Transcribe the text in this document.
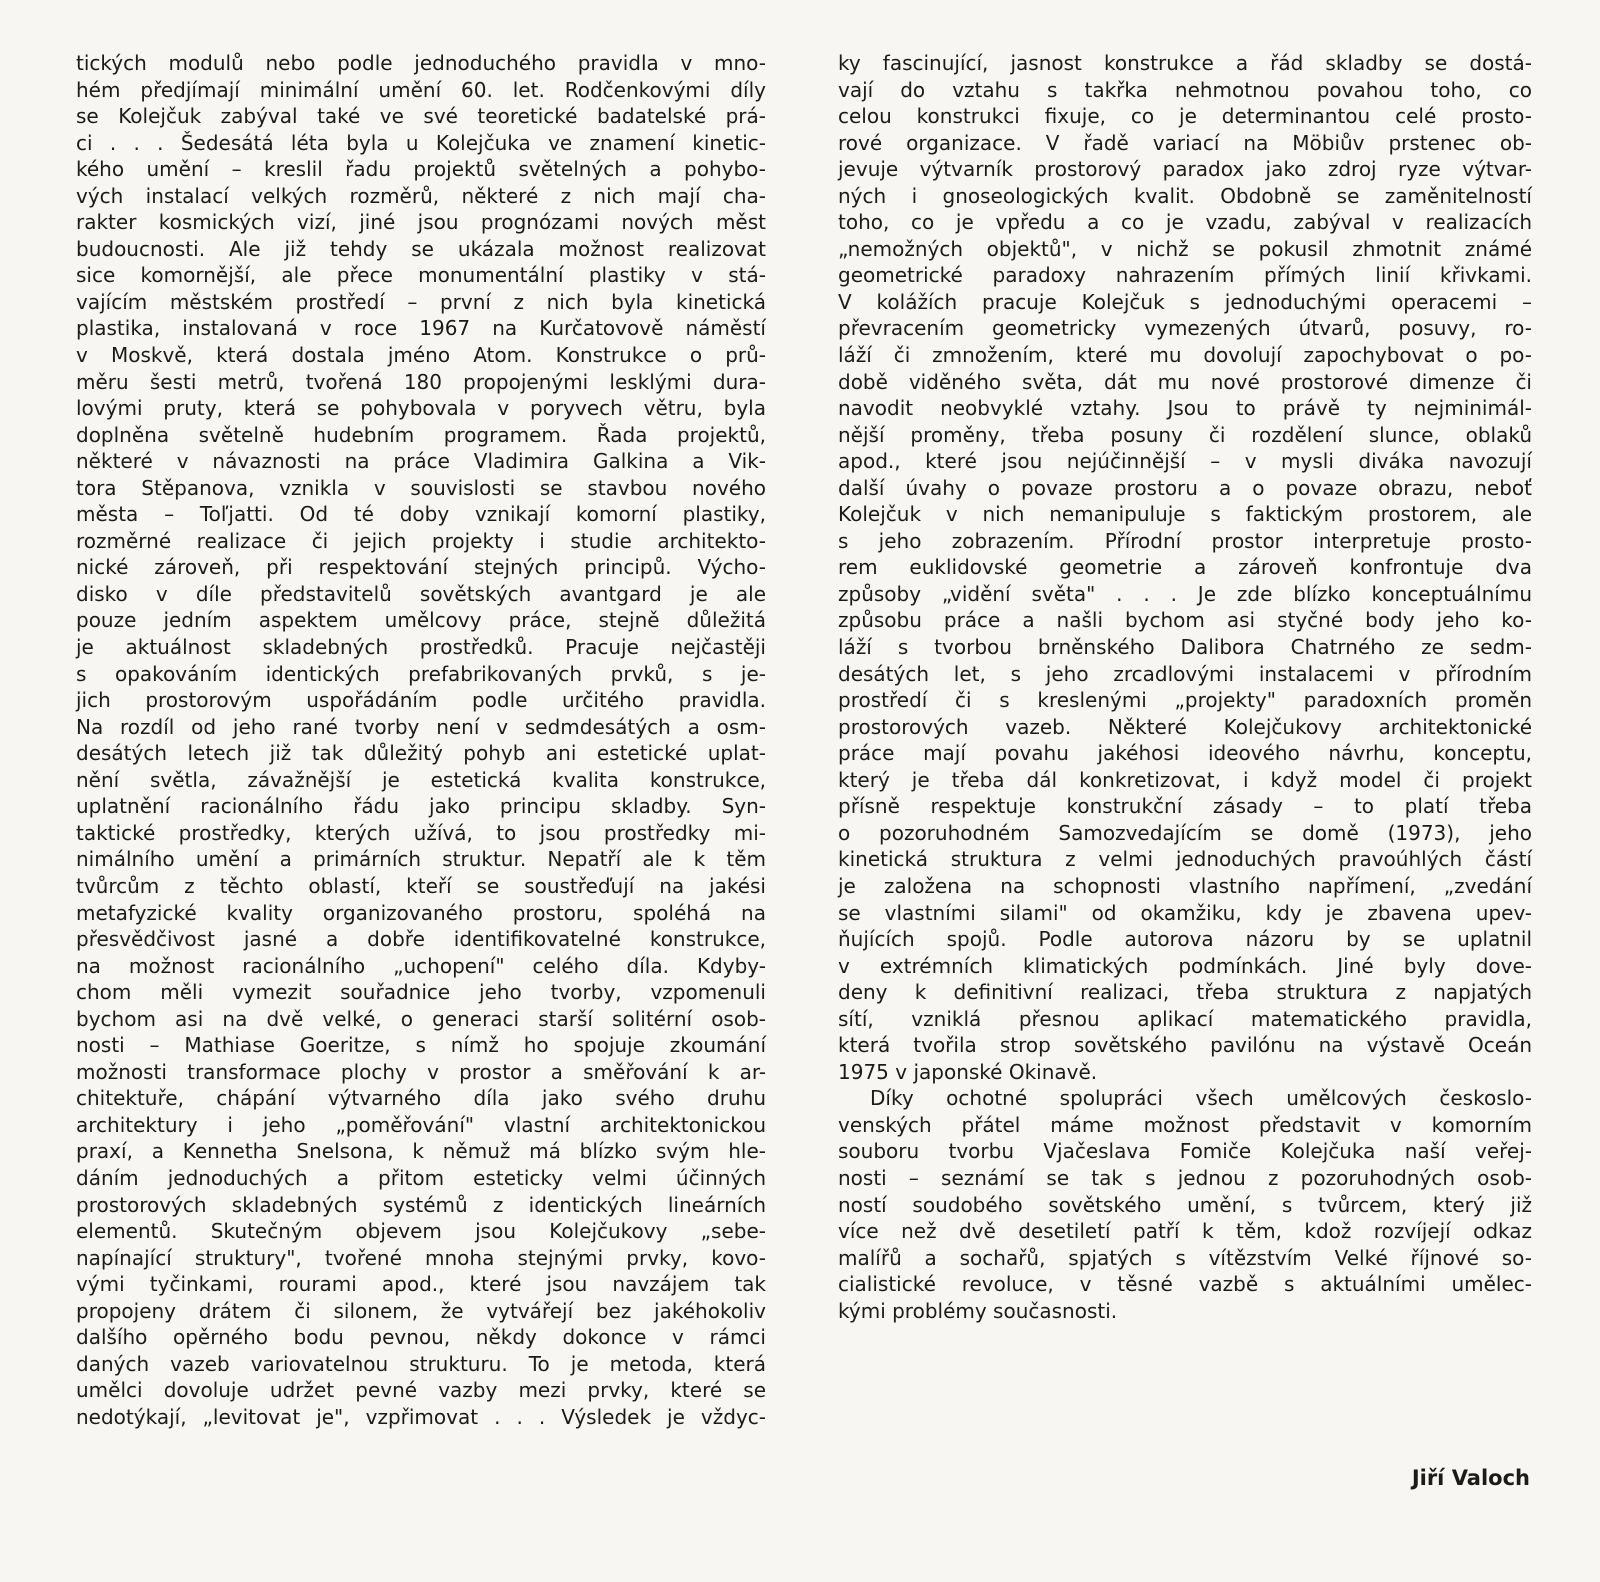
tických modulů nebo podle jednoduchého pravidla v mno-
hém předjímají minimální umění 60. let. Rodčenkovými díly
se Kolejčuk zabýval také ve své teoretické badatelské prá-
ci . . . Šedesátá léta byla u Kolejčuka ve znamení kinetic-
kého umění – kreslil řadu projektů světelných a pohybo-
vých instalací velkých rozměrů, některé z nich mají cha-
rakter kosmických vizí, jiné jsou prognózami nových měst
budoucnosti. Ale již tehdy se ukázala možnost realizovat
sice komornější, ale přece monumentální plastiky v stá-
vajícím městském prostředí – první z nich byla kinetická
plastika, instalovaná v roce 1967 na Kurčatovově náměstí
v Moskvě, která dostala jméno Atom. Konstrukce o prů-
měru šesti metrů, tvořená 180 propojenými lesklými dura-
lovými pruty, která se pohybovala v poryvech větru, byla
doplněna světelně hudebním programem. Řada projektů,
některé v návaznosti na práce Vladimira Galkina a Vik-
tora Stěpanova, vznikla v souvislosti se stavbou nového
města – Toľjatti. Od té doby vznikají komorní plastiky,
rozměrné realizace či jejich projekty i studie architekto-
nické zároveň, při respektování stejných principů. Výcho-
disko v díle představitelů sovětských avantgard je ale
pouze jedním aspektem umělcovy práce, stejně důležitá
je aktuálnost skladebných prostředků. Pracuje nejčastěji
s opakováním identických prefabrikovaných prvků, s je-
jich prostorovým uspořádáním podle určitého pravidla.
Na rozdíl od jeho rané tvorby není v sedmdesátých a osm-
desátých letech již tak důležitý pohyb ani estetické uplat-
nění světla, závažnější je estetická kvalita konstrukce,
uplatnění racionálního řádu jako principu skladby. Syn-
taktické prostředky, kterých užívá, to jsou prostředky mi-
nimálního umění a primárních struktur. Nepatří ale k těm
tvůrcům z těchto oblastí, kteří se soustřeďují na jakési
metafyzické kvality organizovaného prostoru, spoléhá na
přesvědčivost jasné a dobře identifikovatelné konstrukce,
na možnost racionálního „uchopení" celého díla. Kdyby-
chom měli vymezit souřadnice jeho tvorby, vzpomenuli
bychom asi na dvě velké, o generaci starší solitérní osob-
nosti – Mathiase Goeritze, s nímž ho spojuje zkoumání
možnosti transformace plochy v prostor a směřování k ar-
chitektuře, chápání výtvarného díla jako svého druhu
architektury i jeho „poměřování" vlastní architektonickou
praxí, a Kennetha Snelsona, k němuž má blízko svým hle-
dáním jednoduchých a přitom esteticky velmi účinných
prostorových skladebných systémů z identických lineárních
elementů. Skutečným objevem jsou Kolejčukovy „sebe-
napínající struktury", tvořené mnoha stejnými prvky, kovo-
vými tyčinkami, rourami apod., které jsou navzájem tak
propojeny drátem či silonem, že vytvářejí bez jakéhokoliv
dalšího opěrného bodu pevnou, někdy dokonce v rámci
daných vazeb variovatelnou strukturu. To je metoda, která
umělci dovoluje udržet pevné vazby mezi prvky, které se
nedotýkají, „levitovat je", vzpřimovat . . . Výsledek je vždyc-
ky fascinující, jasnost konstrukce a řád skladby se dostá-
vají do vztahu s takřka nehmotnou povahou toho, co
celou konstrukci fixuje, co je determinantou celé prosto-
rové organizace. V řadě variací na Möbiův prstenec ob-
jevuje výtvarník prostorový paradox jako zdroj ryze výtvar-
ných i gnoseologických kvalit. Obdobně se zaměnitelností
toho, co je vpředu a co je vzadu, zabýval v realizacích
„nemožných objektů", v nichž se pokusil zhmotnit známé
geometrické paradoxy nahrazením přímých linií křivkami.
V kolážích pracuje Kolejčuk s jednoduchými operacemi –
převracením geometricky vymezených útvarů, posuvy, ro-
láží či zmnožením, které mu dovolují zapochybovat o po-
době viděného světa, dát mu nové prostorové dimenze či
navodit neobvyklé vztahy. Jsou to právě ty nejminimál-
nější proměny, třeba posuny či rozdělení slunce, oblaků
apod., které jsou nejúčinnější – v mysli diváka navozují
další úvahy o povaze prostoru a o povaze obrazu, neboť
Kolejčuk v nich nemanipuluje s faktickým prostorem, ale
s jeho zobrazením. Přírodní prostor interpretuje prosto-
rem euklidovské geometrie a zároveň konfrontuje dva
způsoby „vidění světa" . . . Je zde blízko konceptuálnímu
způsobu práce a našli bychom asi styčné body jeho ko-
láží s tvorbou brněnského Dalibora Chatrného ze sedm-
desátých let, s jeho zrcadlovými instalacemi v přírodním
prostředí či s kreslenými „projekty" paradoxních proměn
prostorových vazeb. Některé Kolejčukovy architektonické
práce mají povahu jakéhosi ideového návrhu, konceptu,
který je třeba dál konkretizovat, i když model či projekt
přísně respektuje konstrukční zásady – to platí třeba
o pozoruhodném Samozvedajícím se domě (1973), jeho
kinetická struktura z velmi jednoduchých pravoúhlých částí
je založena na schopnosti vlastního napřímení, „zvedání
se vlastními silami" od okamžiku, kdy je zbavena upev-
ňujících spojů. Podle autorova názoru by se uplatnil
v extrémních klimatických podmínkách. Jiné byly dove-
deny k definitivní realizaci, třeba struktura z napjatých
sítí, vzniklá přesnou aplikací matematického pravidla,
která tvořila strop sovětského pavilónu na výstavě Oceán
1975 v japonské Okinavě.
Díky ochotné spolupráci všech umělcových českoslo-
venských přátel máme možnost představit v komorním
souboru tvorbu Vjačeslava Fomiče Kolejčuka naší veřej-
nosti – seznámí se tak s jednou z pozoruhodných osob-
ností soudobého sovětského umění, s tvůrcem, který již
více než dvě desetiletí patří k těm, kdož rozvíjejí odkaz
malířů a sochařů, spjatých s vítězstvím Velké říjnové so-
cialistické revoluce, v těsné vazbě s aktuálními umělec-
kými problémy současnosti.
Jiří Valoch
